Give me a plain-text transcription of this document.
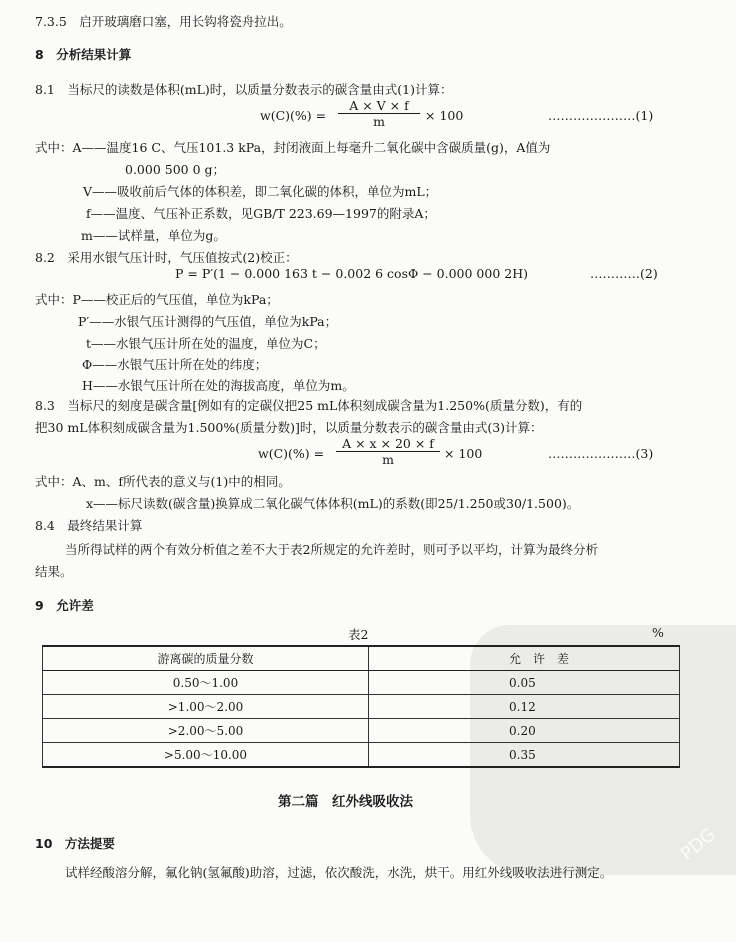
PDG
7.3.5　启开玻璃磨口塞，用长钩将瓷舟拉出。
8　分析结果计算
8.1　当标尺的读数是体积(mL)时，以质量分数表示的碳含量由式(1)计算：
w(C)(%) =
A × V × f
m	× 100	…………………(1)
式中：A——温度16 C、气压101.3 kPa，封闭液面上每毫升二氧化碳中含碳质量(g)，A值为
0.000 500 0 g；
V——吸收前后气体的体积差，即二氧化碳的体积，单位为mL；
f——温度、气压补正系数，见GB/T 223.69—1997的附录A；
m——试样量，单位为g。
8.2　采用水银气压计时，气压值按式(2)校正：
P = P′(1 − 0.000 163 t − 0.002 6 cosΦ − 0.000 000 2H)	…………(2)
式中：P——校正后的气压值，单位为kPa；
P′——水银气压计测得的气压值，单位为kPa；
t——水银气压计所在处的温度，单位为C；
Φ——水银气压计所在处的纬度；
H——水银气压计所在处的海拔高度，单位为m。
8.3　当标尺的刻度是碳含量[例如有的定碳仪把25 mL体积刻成碳含量为1.250%(质量分数)，有的
把30 mL体积刻成碳含量为1.500%(质量分数)]时，以质量分数表示的碳含量由式(3)计算：
w(C)(%) =
A × x × 20 × f
m	× 100	…………………(3)
式中：A、m、f所代表的意义与(1)中的相同。
x——标尺读数(碳含量)换算成二氧化碳气体体积(mL)的系数(即25/1.250或30/1.500)。
8.4　最终结果计算
当所得试样的两个有效分析值之差不大于表2所规定的允许差时，则可予以平均，计算为最终分析
结果。
9　允许差
表2	%
游离碳的质量分数	允　许　差
0.50～1.00	0.05
>1.00～2.00	0.12
>2.00～5.00	0.20
>5.00～10.00	0.35
第二篇　红外线吸收法
10　方法提要
试样经酸溶分解，氟化钠(氢氟酸)助溶，过滤，依次酸洗，水洗，烘干。用红外线吸收法进行测定。
